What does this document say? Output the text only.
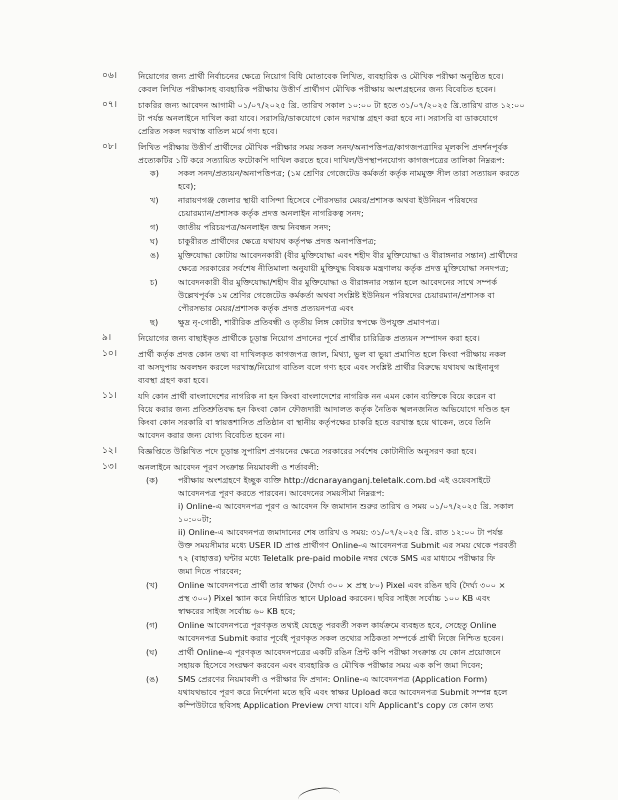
০৬।	নিয়োগের জন্য প্রার্থী নির্বাচনের ক্ষেত্রে নিয়োগ বিধি মোতাবেক লিখিত, ব্যবহারিক ও মৌখিক পরীক্ষা অনুষ্ঠিত হবে।
কেবল লিখিত পরীক্ষাসহ ব্যবহারিক পরীক্ষায় উত্তীর্ণ প্রার্থীগণ মৌখিক পরীক্ষায় অংশগ্রহনের জন্য বিবেচিত হবেন।
০৭।	চাকরির জন্য আবেদন আগামী ০১/০৭/২০২৫ খ্রি. তারিখ সকাল ১০:০০ টা হতে ৩১/০৭/২০২৫ খ্রি.তারিখ রাত ১২:০০
টা পর্যন্ত অনলাইনে দাখিল করা যাবে। সরাসরি/ডাকযোগে কোন দরখাস্ত গ্রহণ করা হবে না। সরাসরি বা ডাকযোগে
প্রেরিত সকল দরখাস্ত বাতিল মর্মে গণ্য হবে।
০৮।	লিখিত পরীক্ষায় উত্তীর্ণ প্রার্থীদের মৌখিক পরীক্ষার সময় সকল সনদ/অনাপত্তিপত্র/কাগজপত্রাদির মূলকপি প্রদর্শনপূর্বক
প্রত্যেকটির ১টি করে সত্যায়িত ফটোকপি দাখিল করতে হবে। দাখিল/উপস্থাপনযোগ্য কাগজপত্রের তালিকা নিম্নরূপ:
ক) সকল সনদ/প্রত্যয়ন/অনাপত্তিপত্র; (১ম শ্রেণির গেজেটেড কর্মকর্তা কর্তৃক নামমুক্ত সীল তারা সত্যায়ন করতে
হবে);
খ) নারায়ণগঞ্জ জেলার স্থায়ী বাসিন্দা হিসেবে পৌরসভার মেয়র/প্রশাসক অথবা ইউনিয়ন পরিষদের
চেয়ারম্যান/প্রশাসক কর্তৃক প্রদত্ত অনলাইন নাগরিকত্ব সনদ;
গ) জাতীয় পরিচয়পত্র/অনলাইন জন্ম নিবন্ধন সনদ;
ঘ) চাকুরীরত প্রার্থীদের ক্ষেত্রে যথাযথ কর্তৃপক্ষ প্রদত্ত অনাপত্তিপত্র;
ঙ) মুক্তিযোদ্ধা কোটায় আবেদনকারী (বীর মুক্তিযোদ্ধা এবং শহীদ বীর মুক্তিযোদ্ধা ও বীরাঙ্গনার সন্তান) প্রার্থীদের
ক্ষেত্রে সরকারের সর্বশেষ নীতিমালা অনুযায়ী মুক্তিযুদ্ধ বিষয়ক মন্ত্রণালয় কর্তৃক প্রদত্ত মুক্তিযোদ্ধা সনদপত্র;
চ) আবেদনকারী বীর মুক্তিযোদ্ধা/শহীদ বীর মুক্তিযোদ্ধা ও বীরাঙ্গনার সন্তান হলে আবেদনের সাথে সম্পর্ক
উল্লেখপূর্বক ১ম শ্রেণির গেজেটেড কর্মকর্তা অথবা সংশ্লিষ্ট ইউনিয়ন পরিষদের চেয়ারম্যান/প্রশাসক বা
পৌরসভার মেয়র/প্রশাসক কর্তৃক প্রদত্ত প্রত্যয়নপত্র এবং
ছ) ক্ষুদ্র নৃ-গোষ্ঠী, শারীরিক প্রতিবন্ধী ও তৃতীয় লিঙ্গ কোটার স্বপক্ষে উপযুক্ত প্রমাণপত্র।
৯।	নিয়োগের জন্য বাছাইকৃত প্রার্থীকে চূড়ান্ত নিয়োগ প্রদানের পূর্বে প্রার্থীর চারিত্রিক প্রত্যয়ন সম্পাদন করা হবে।
১০।	প্রার্থী কর্তৃক প্রদত্ত কোন তথ্য বা দাখিলকৃত কাগজপত্র জাল, মিথ্যা, ভুল বা ভুয়া প্রমাণিত হলে কিংবা পরীক্ষায় নকল
বা অসদুপায় অবলম্বন করলে দরখাস্ত/নিয়োগ বাতিল বলে গণ্য হবে এবং সংশ্লিষ্ট প্রার্থীর বিরুদ্ধে যথাযথ আইনানুগ
ব্যবস্থা গ্রহণ করা হবে।
১১।	যদি কোন প্রার্থী বাংলাদেশের নাগরিক না হন কিংবা বাংলাদেশের নাগরিক নন এমন কোন ব্যক্তিকে বিয়ে করেন বা
বিয়ে করার জন্য প্রতিশ্রুতিবদ্ধ হন কিংবা কোন ফৌজদারী আদালত কর্তৃক নৈতিক স্খলনজনিত অভিযোগে দণ্ডিত হন
কিংবা কোন সরকারি বা স্বায়ত্তশাসিত প্রতিষ্ঠান বা স্থানীয় কর্তৃপক্ষের চাকরি হতে বরখাস্ত হয়ে থাকেন, তবে তিনি
আবেদন করার জন্য যোগ্য বিবেচিত হবেন না।
১২।	বিজ্ঞপ্তিতে উল্লিখিত পদে চূড়ান্ত সুপারিশ প্রণয়নের ক্ষেত্রে সরকারের সর্বশেষ কোটানীতি অনুসরণ করা হবে।
১৩।	অনলাইনে আবেদন পূরণ সংক্রান্ত নিয়মাবলী ও শর্তাবলী:
(ক) পরীক্ষায় অংশগ্রহণে ইচ্ছুক ব্যক্তি http://dcnarayanganj.teletalk.com.bd এই ওয়েবসাইটে
আবেদনপত্র পূরণ করতে পারবেন। আবেদনের সময়সীমা নিম্নরূপ:
i) Online-এ আবেদনপত্র পূরণ ও আবেদন ফি জমাদান শুরুর তারিখ ও সময় ০১/০৭/২০২৫ খ্রি. সকাল
১০:০০টা;
ii) Online-এ আবেদনপত্র জমাদানের শেষ তারিখ ও সময়: ৩১/০৭/২০২৫ খ্রি. রাত ১২:০০ টা পর্যন্ত
উক্ত সময়সীমার মধ্যে USER ID প্রাপ্ত প্রার্থীগণ Online-এ আবেদনপত্র Submit এর সময় থেকে পরবর্তী
৭২ (বাহাত্তর) ঘন্টার মধ্যে Teletalk pre-paid mobile নম্বর থেকে SMS এর মাধ্যমে পরীক্ষার ফি
জমা দিতে পারবেন;
(খ) Online আবেদনপত্রে প্রার্থী তার স্বাক্ষর (দৈর্ঘ্য ৩০০ × প্রস্থ ৮০) Pixel এবং রঙিন ছবি (দৈর্ঘ্য ৩০০ ×
প্রস্থ ৩০০) Pixel স্ক্যান করে নির্ধারিত স্থানে Upload করবেন। ছবির সাইজ সর্বোচ্চ ১০০ KB এবং
স্বাক্ষরের সাইজ সর্বোচ্চ ৬০ KB হবে;
(গ) Online আবেদনপত্রে পূরণকৃত তথ্যই যেহেতু পরবর্তী সকল কার্যক্রমে ব্যবহৃত হবে, সেহেতু Online
আবেদনপত্র Submit করার পূর্বেই পূরণকৃত সকল তথ্যের সঠিকতা সম্পর্কে প্রার্থী নিজে নিশ্চিত হবেন।
(ঘ)	প্রার্থী Online-এ পূরণকৃত আবেদনপত্রের একটি রঙিন প্রিন্ট কপি পরীক্ষা সংক্রান্ত যে কোন প্রয়োজনে
সহায়ক হিসেবে সংরক্ষণ করবেন এবং ব্যবহারিক ও মৌখিক পরীক্ষার সময় এক কপি জমা দিবেন;
(ঙ) SMS প্রেরণের নিয়মাবলী ও পরীক্ষার ফি প্রদান: Online-এ আবেদনপত্র (Application Form)
যথাযথভাবে পূরণ করে নির্দেশনা মতে ছবি এবং স্বাক্ষর Upload করে আবেদনপত্র Submit সম্পন্ন হলে
কম্পিউটারে ছবিসহ Application Preview দেখা যাবে। যদি Applicant's copy তে কোন তথ্য
